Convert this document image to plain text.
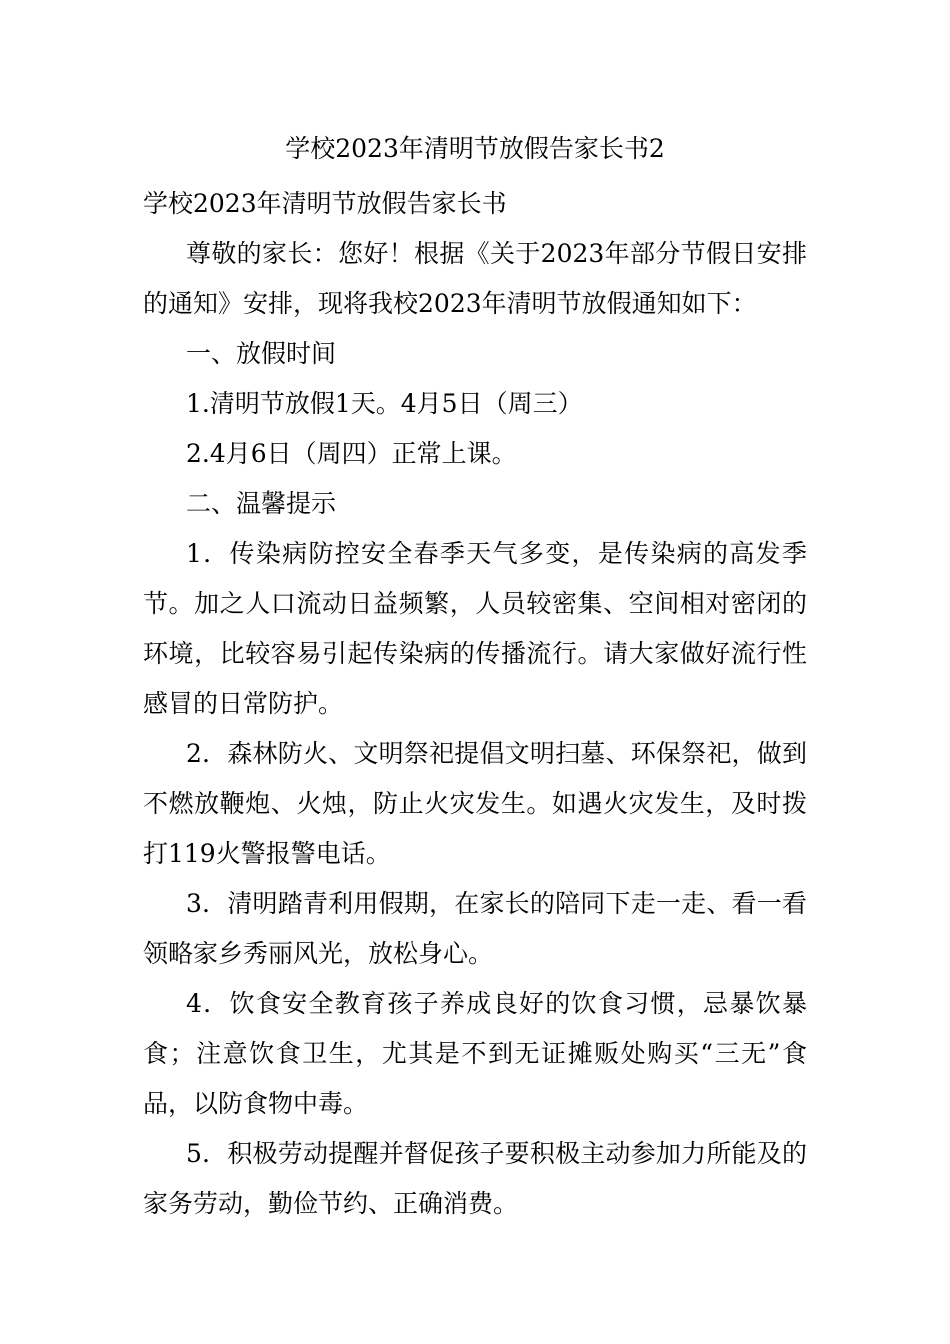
学校2023年清明节放假告家长书2

学校2023年清明节放假告家长书

尊敬的家长：您好！根据《关于2023年部分节假日安排的通知》安排，现将我校2023年清明节放假通知如下：

一、放假时间

1.清明节放假1天。4月5日（周三）

2.4月6日（周四）正常上课。

二、温馨提示

1．传染病防控安全春季天气多变，是传染病的高发季节。加之人口流动日益频繁，人员较密集、空间相对密闭的环境，比较容易引起传染病的传播流行。请大家做好流行性感冒的日常防护。

2．森林防火、文明祭祀提倡文明扫墓、环保祭祀，做到不燃放鞭炮、火烛，防止火灾发生。如遇火灾发生，及时拨打119火警报警电话。

3．清明踏青利用假期，在家长的陪同下走一走、看一看领略家乡秀丽风光，放松身心。

4．饮食安全教育孩子养成良好的饮食习惯，忌暴饮暴食；注意饮食卫生，尤其是不到无证摊贩处购买“三无”食品，以防食物中毒。

5．积极劳动提醒并督促孩子要积极主动参加力所能及的家务劳动，勤俭节约、正确消费。
